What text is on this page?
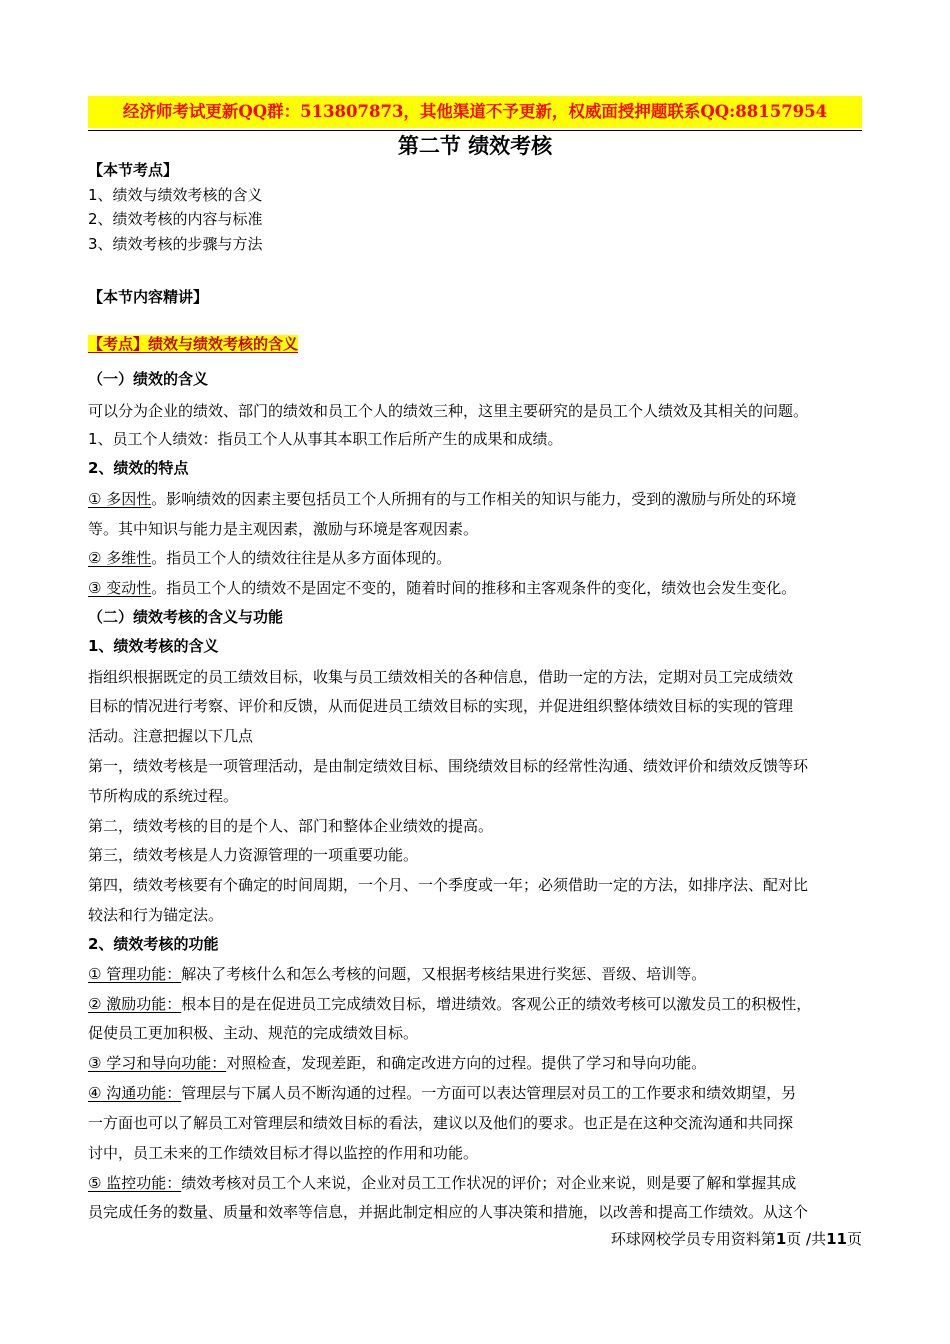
经济师考试更新QQ群：513807873，其他渠道不予更新，权威面授押题联系QQ:88157954
第二节 绩效考核
【本节考点】
1、绩效与绩效考核的含义
2、绩效考核的内容与标准
3、绩效考核的步骤与方法
【本节内容精讲】
【考点】绩效与绩效考核的含义
（一）绩效的含义
可以分为企业的绩效、部门的绩效和员工个人的绩效三种，这里主要研究的是员工个人绩效及其相关的问题。
1、员工个人绩效：指员工个人从事其本职工作后所产生的成果和成绩。
2、绩效的特点
① 多因性。影响绩效的因素主要包括员工个人所拥有的与工作相关的知识与能力，受到的激励与所处的环境
等。其中知识与能力是主观因素，激励与环境是客观因素。
② 多维性。指员工个人的绩效往往是从多方面体现的。
③ 变动性。指员工个人的绩效不是固定不变的，随着时间的推移和主客观条件的变化，绩效也会发生变化。
（二）绩效考核的含义与功能
1、绩效考核的含义
指组织根据既定的员工绩效目标，收集与员工绩效相关的各种信息，借助一定的方法，定期对员工完成绩效
目标的情况进行考察、评价和反馈，从而促进员工绩效目标的实现，并促进组织整体绩效目标的实现的管理
活动。注意把握以下几点
第一，绩效考核是一项管理活动，是由制定绩效目标、围绕绩效目标的经常性沟通、绩效评价和绩效反馈等环
节所构成的系统过程。
第二，绩效考核的目的是个人、部门和整体企业绩效的提高。
第三，绩效考核是人力资源管理的一项重要功能。
第四，绩效考核要有个确定的时间周期，一个月、一个季度或一年；必须借助一定的方法，如排序法、配对比
较法和行为锚定法。
2、绩效考核的功能
① 管理功能：解决了考核什么和怎么考核的问题，又根据考核结果进行奖惩、晋级、培训等。
② 激励功能：根本目的是在促进员工完成绩效目标，增进绩效。客观公正的绩效考核可以激发员工的积极性，
促使员工更加积极、主动、规范的完成绩效目标。
③ 学习和导向功能：对照检查，发现差距，和确定改进方向的过程。提供了学习和导向功能。
④ 沟通功能：管理层与下属人员不断沟通的过程。一方面可以表达管理层对员工的工作要求和绩效期望，另
一方面也可以了解员工对管理层和绩效目标的看法，建议以及他们的要求。也正是在这种交流沟通和共同探
讨中，员工未来的工作绩效目标才得以监控的作用和功能。
⑤ 监控功能：绩效考核对员工个人来说，企业对员工工作状况的评价；对企业来说，则是要了解和掌握其成
员完成任务的数量、质量和效率等信息，并据此制定相应的人事决策和措施，以改善和提高工作绩效。从这个
环球网校学员专用资料第1页 /共11页
